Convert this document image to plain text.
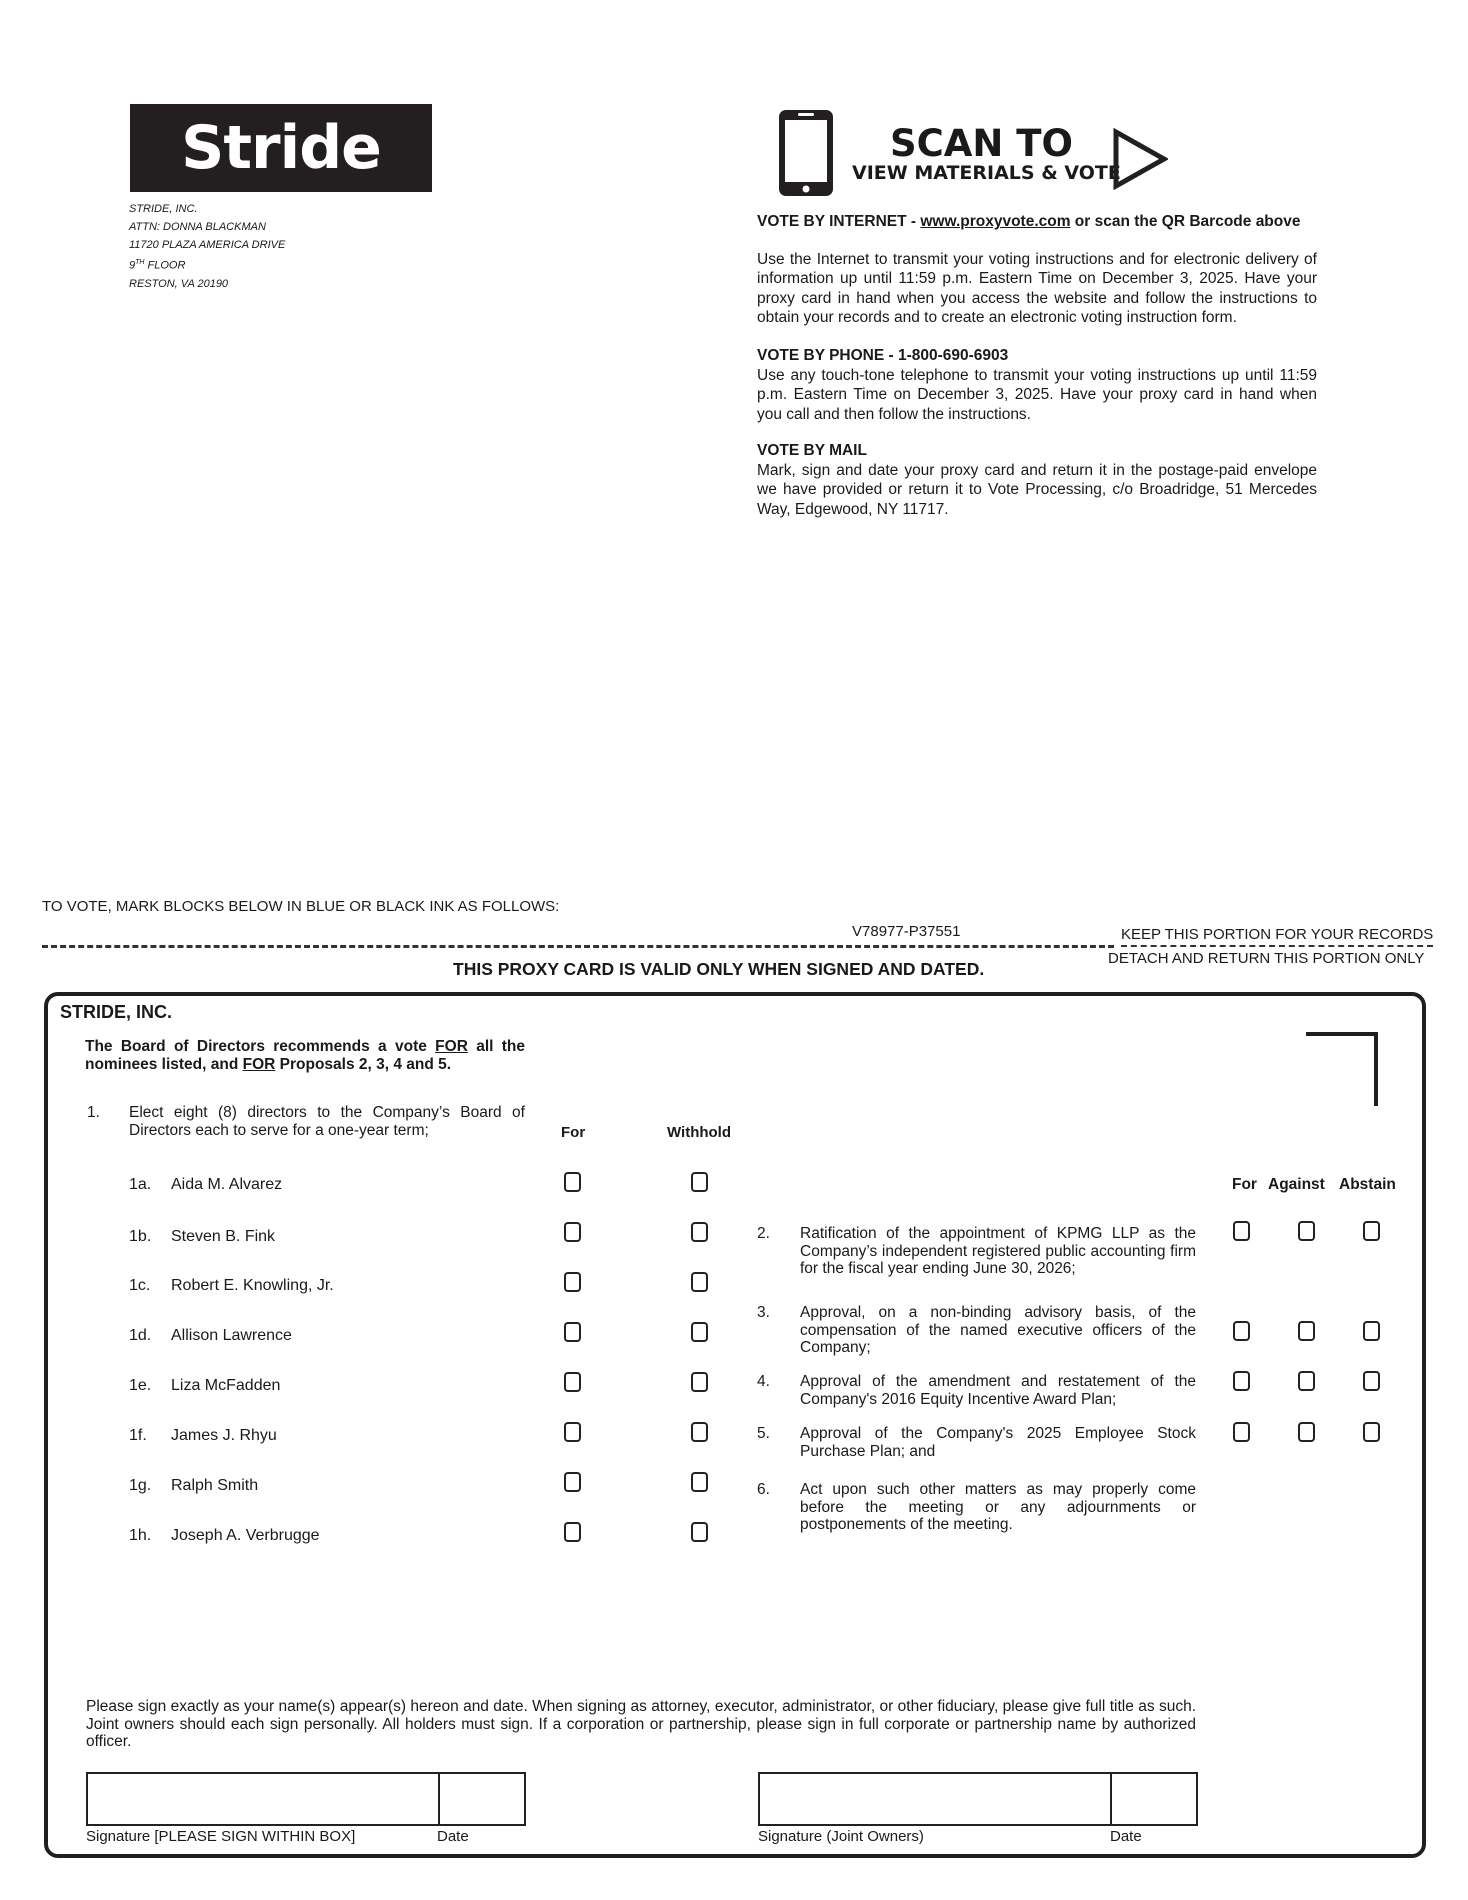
Stride
STRIDE, INC.
ATTN: DONNA BLACKMAN
11720 PLAZA AMERICA DRIVE
9TH FLOOR
RESTON, VA 20190
SCAN TO
VIEW MATERIALS & VOTE
VOTE BY INTERNET - www.proxyvote.com or scan the QR Barcode above
Use the Internet to transmit your voting instructions and for electronic delivery of information up until 11:59 p.m. Eastern Time on December 3, 2025. Have your proxy card in hand when you access the website and follow the instructions to obtain your records and to create an electronic voting instruction form.
VOTE BY PHONE - 1-800-690-6903
Use any touch-tone telephone to transmit your voting instructions up until 11:59 p.m. Eastern Time on December 3, 2025. Have your proxy card in hand when you call and then follow the instructions.
VOTE BY MAIL
Mark, sign and date your proxy card and return it in the postage-paid envelope we have provided or return it to Vote Processing, c/o Broadridge, 51 Mercedes Way, Edgewood, NY 11717.
TO VOTE, MARK BLOCKS BELOW IN BLUE OR BLACK INK AS FOLLOWS:
V78977-P37551	KEEP THIS PORTION FOR YOUR RECORDS
DETACH AND RETURN THIS PORTION ONLY
THIS PROXY CARD IS VALID ONLY WHEN SIGNED AND DATED.
STRIDE, INC.
The Board of Directors recommends a vote FOR all the nominees listed, and FOR Proposals 2, 3, 4 and 5.
1. Elect eight (8) directors to the Company’s Board of Directors each to serve for a one-year term;	For	Withhold
1a. Aida M. Alvarez
1b. Steven B. Fink
1c. Robert E. Knowling, Jr.
1d. Allison Lawrence
1e. Liza McFadden
1f. James J. Rhyu
1g. Ralph Smith
1h. Joseph A. Verbrugge
For Against Abstain
2. Ratification of the appointment of KPMG LLP as the Company’s independent registered public accounting firm for the fiscal year ending June 30, 2026;
3. Approval, on a non-binding advisory basis, of the compensation of the named executive officers of the Company;
4. Approval of the amendment and restatement of the Company's 2016 Equity Incentive Award Plan;
5. Approval of the Company's 2025 Employee Stock Purchase Plan; and
6. Act upon such other matters as may properly come before the meeting or any adjournments or postponements of the meeting.
Please sign exactly as your name(s) appear(s) hereon and date. When signing as attorney, executor, administrator, or other fiduciary, please give full title as such. Joint owners should each sign personally. All holders must sign. If a corporation or partnership, please sign in full corporate or partnership name by authorized officer.
Signature [PLEASE SIGN WITHIN BOX]	Date	Signature (Joint Owners)	Date
